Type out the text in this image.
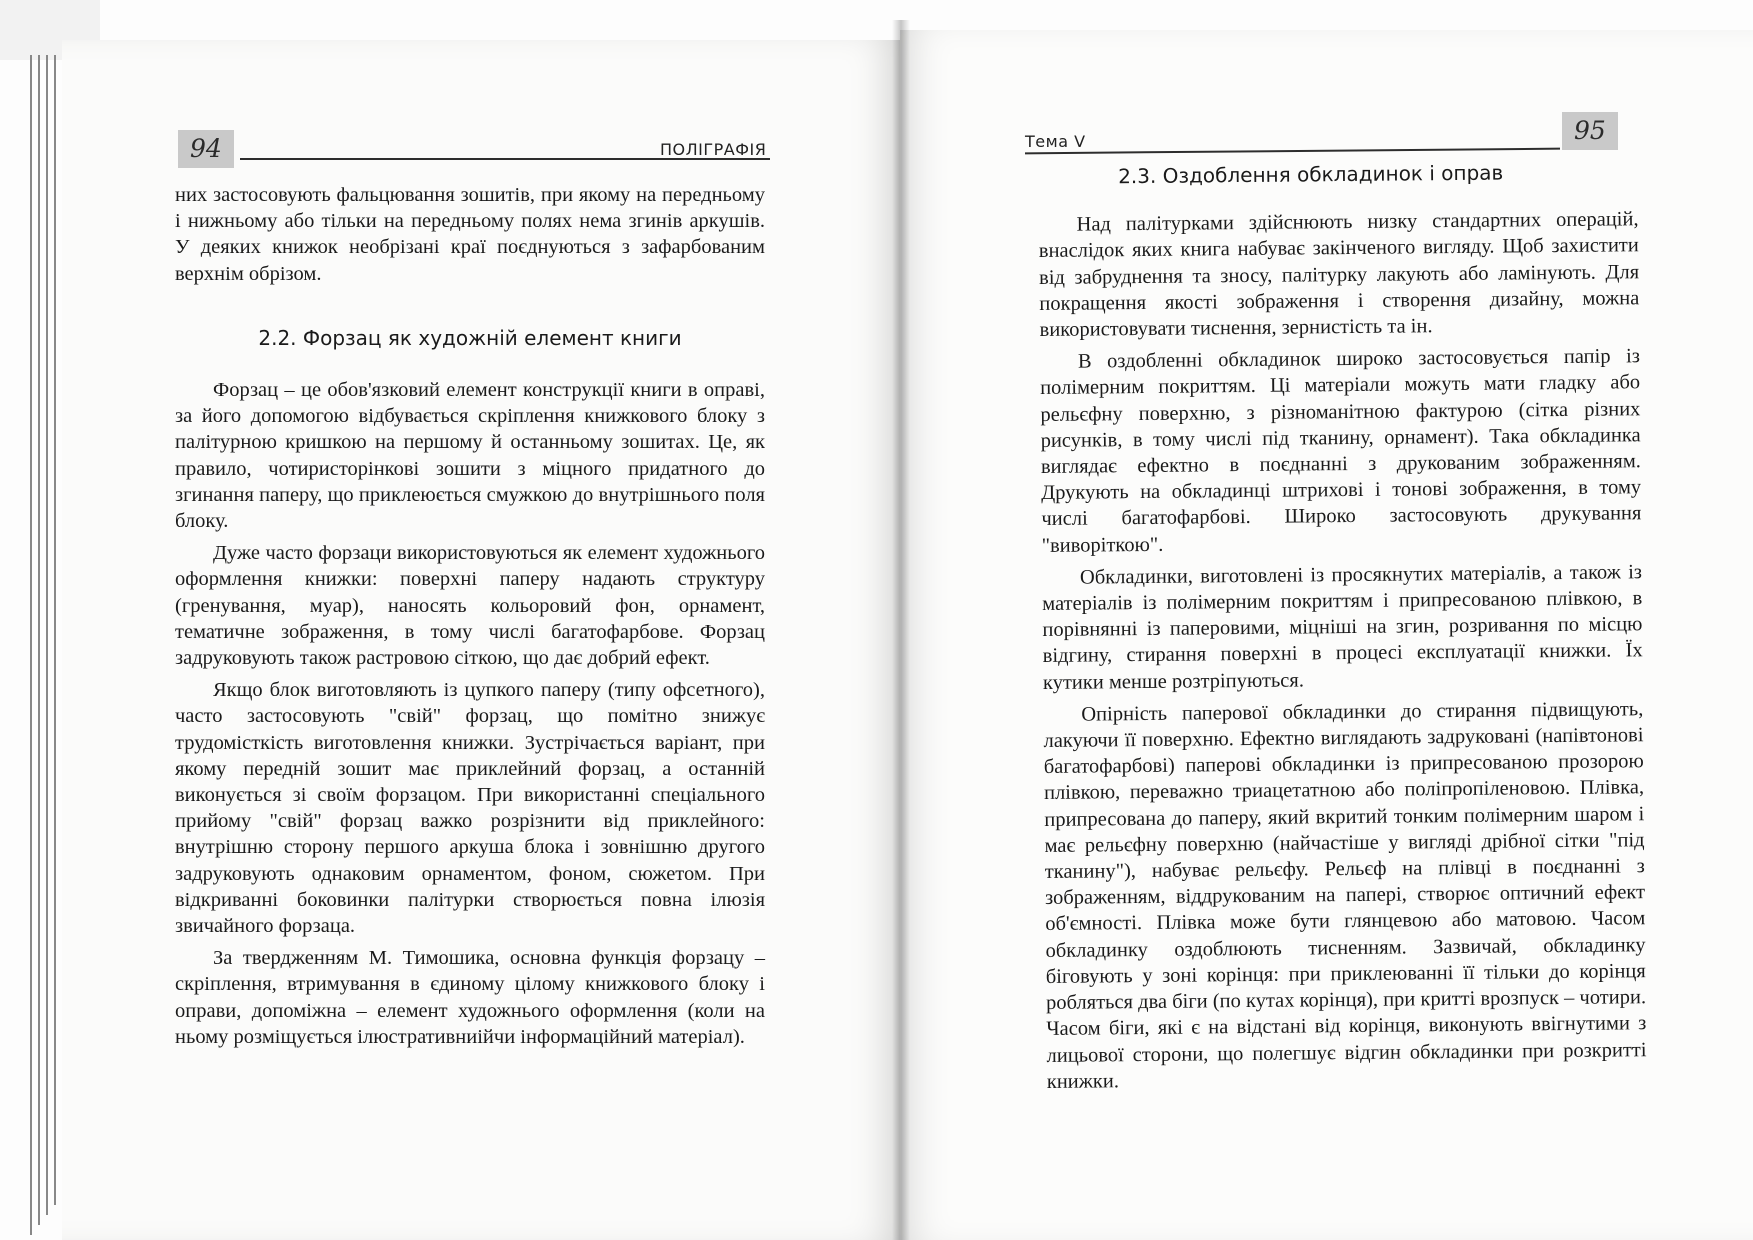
94	ПОЛІГРАФІЯ

них застосовують фальцювання зошитів, при якому на передньому і нижньому або тільки на передньому полях нема згинів аркушів. У деяких книжок необрізані краї поєднуються з зафарбованим верхнім обрізом.

2.2. Форзац як художній елемент книги

Форзац – це обов'язковий елемент конструкції книги в оправі, за його допомогою відбувається скріплення книжкового блоку з палітурною кришкою на першому й останньому зошитах. Це, як правило, чотиристорінкові зошити з міцного придатного до згинання паперу, що приклеюється смужкою до внутрішнього поля блоку.

Дуже часто форзаци використовуються як елемент художнього оформлення книжки: поверхні паперу надають структуру (гренування, муар), наносять кольоровий фон, орнамент, тематичне зображення, в тому числі багатофарбове. Форзац задруковують також растровою сіткою, що дає добрий ефект.

Якщо блок виготовляють із цупкого паперу (типу офсетного), часто застосовують "свій" форзац, що помітно знижує трудомісткість виготовлення книжки. Зустрічається варіант, при якому передній зошит має приклейний форзац, а останній виконується зі своїм форзацом. При використанні спеціального прийому "свій" форзац важко розрізнити від приклейного: внутрішню сторону першого аркуша блока і зовнішню другого задруковують однаковим орнаментом, фоном, сюжетом. При відкриванні боковинки палітурки створюється повна ілюзія звичайного форзаца.

За твердженням М. Тимошика, основна функція форзацу – скріплення, втримування в єдиному цілому книжкового блоку і оправи, допоміжна – елемент художнього оформлення (коли на ньому розміщується ілюстративниійчи інформаційний матеріал).

Тема V	95
2.3. Оздоблення обкладинок і оправ

Над палітурками здійснюють низку стандартних операцій, внаслідок яких книга набуває закінченого вигляду. Щоб захистити від забруднення та зносу, палітурку лакують або ламінують. Для покращення якості зображення і створення дизайну, можна використовувати тиснення, зернистість та ін.

В оздобленні обкладинок широко застосовується папір із полімерним покриттям. Ці матеріали можуть мати гладку або рельєфну поверхню, з різноманітною фактурою (сітка різних рисунків, в тому числі під тканину, орнамент). Така обкладинка виглядає ефектно в поєднанні з друкованим зображенням. Друкують на обкладинці штрихові і тонові зображення, в тому числі багатофарбові. Широко застосовують друкування "виворіткою".

Обкладинки, виготовлені із просякнутих матеріалів, а також із матеріалів із полімерним покриттям і припресованою плівкою, в порівнянні із паперовими, міцніші на згин, розривання по місцю відгину, стирання поверхні в процесі експлуатації книжки. Їх кутики менше розтріпуються.

Опірність паперової обкладинки до стирання підвищують, лакуючи її поверхню. Ефектно виглядають задруковані (напівтонові багатофарбові) паперові обкладинки із припресованою прозорою плівкою, переважно триацетатною або поліпропіленовою. Плівка, припресована до паперу, який вкритий тонким полімерним шаром і має рельєфну поверхню (найчастіше у вигляді дрібної сітки "під тканину"), набуває рельєфу. Рельєф на плівці в поєднанні з зображенням, віддрукованим на папері, створює оптичний ефект об'ємності. Плівка може бути глянцевою або матовою. Часом обкладинку оздоблюють тисненням. Зазвичай, обкладинку біговують у зоні корінця: при приклеюванні її тільки до корінця робляться два біги (по кутах корінця), при критті врозпуск – чотири. Часом біги, які є на відстані від корінця, виконують ввігнутими з лицьової сторони, що полегшує відгин обкладинки при розкритті книжки.
